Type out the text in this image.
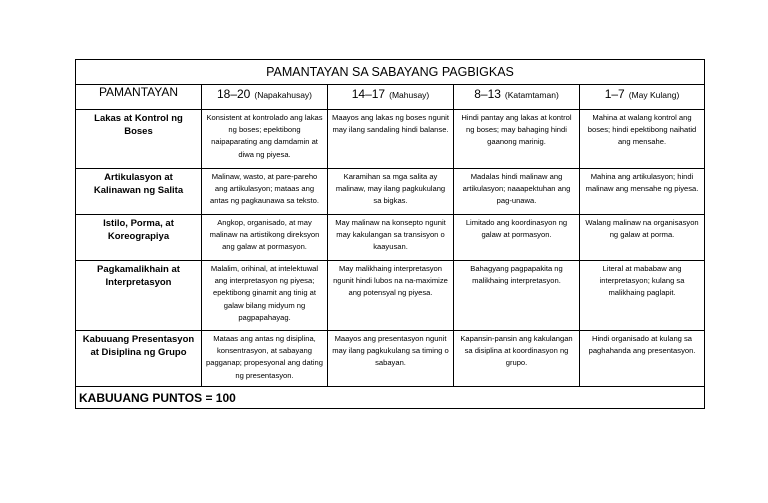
PAMANTAYAN SA SABAYANG PAGBIGKAS				
PAMANTAYAN	18–20 (Napakahusay)	14–17 (Mahusay)	8–13 (Katamtaman)	1–7 (May Kulang)
Lakas at Kontrol ng Boses	Konsistent at kontrolado ang lakas ng boses; epektibong naipaparating ang damdamin at diwa ng piyesa.	Maayos ang lakas ng boses ngunit may ilang sandaling hindi balanse.	Hindi pantay ang lakas at kontrol ng boses; may bahaging hindi gaanong marinig.	Mahina at walang kontrol ang boses; hindi epektibong naihatid ang mensahe.
Artikulasyon at Kalinawan ng Salita	Malinaw, wasto, at pare-pareho ang artikulasyon; mataas ang antas ng pagkaunawa sa teksto.	Karamihan sa mga salita ay malinaw, may ilang pagkukulang sa bigkas.	Madalas hindi malinaw ang artikulasyon; naaapektuhan ang pag-unawa.	Mahina ang artikulasyon; hindi malinaw ang mensahe ng piyesa.
Istilo, Porma, at Koreograpiya	Angkop, organisado, at may malinaw na artistikong direksyon ang galaw at pormasyon.	May malinaw na konsepto ngunit may kakulangan sa transisyon o kaayusan.	Limitado ang koordinasyon ng galaw at pormasyon.	Walang malinaw na organisasyon ng galaw at porma.
Pagkamalikhain at Interpretasyon	Malalim, orihinal, at intelektuwal ang interpretasyon ng piyesa; epektibong ginamit ang tinig at galaw bilang midyum ng pagpapahayag.	May malikhaing interpretasyon ngunit hindi lubos na na-maximize ang potensyal ng piyesa.	Bahagyang pagpapakita ng malikhaing interpretasyon.	Literal at mababaw ang interpretasyon; kulang sa malikhaing paglapit.
Kabuuang Presentasyon at Disiplina ng Grupo	Mataas ang antas ng disiplina, konsentrasyon, at sabayang pagganap; propesyonal ang dating ng presentasyon.	Maayos ang presentasyon ngunit may ilang pagkukulang sa timing o sabayan.	Kapansin-pansin ang kakulangan sa disiplina at koordinasyon ng grupo.	Hindi organisado at kulang sa paghahanda ang presentasyon.
KABUUANG PUNTOS = 100				
